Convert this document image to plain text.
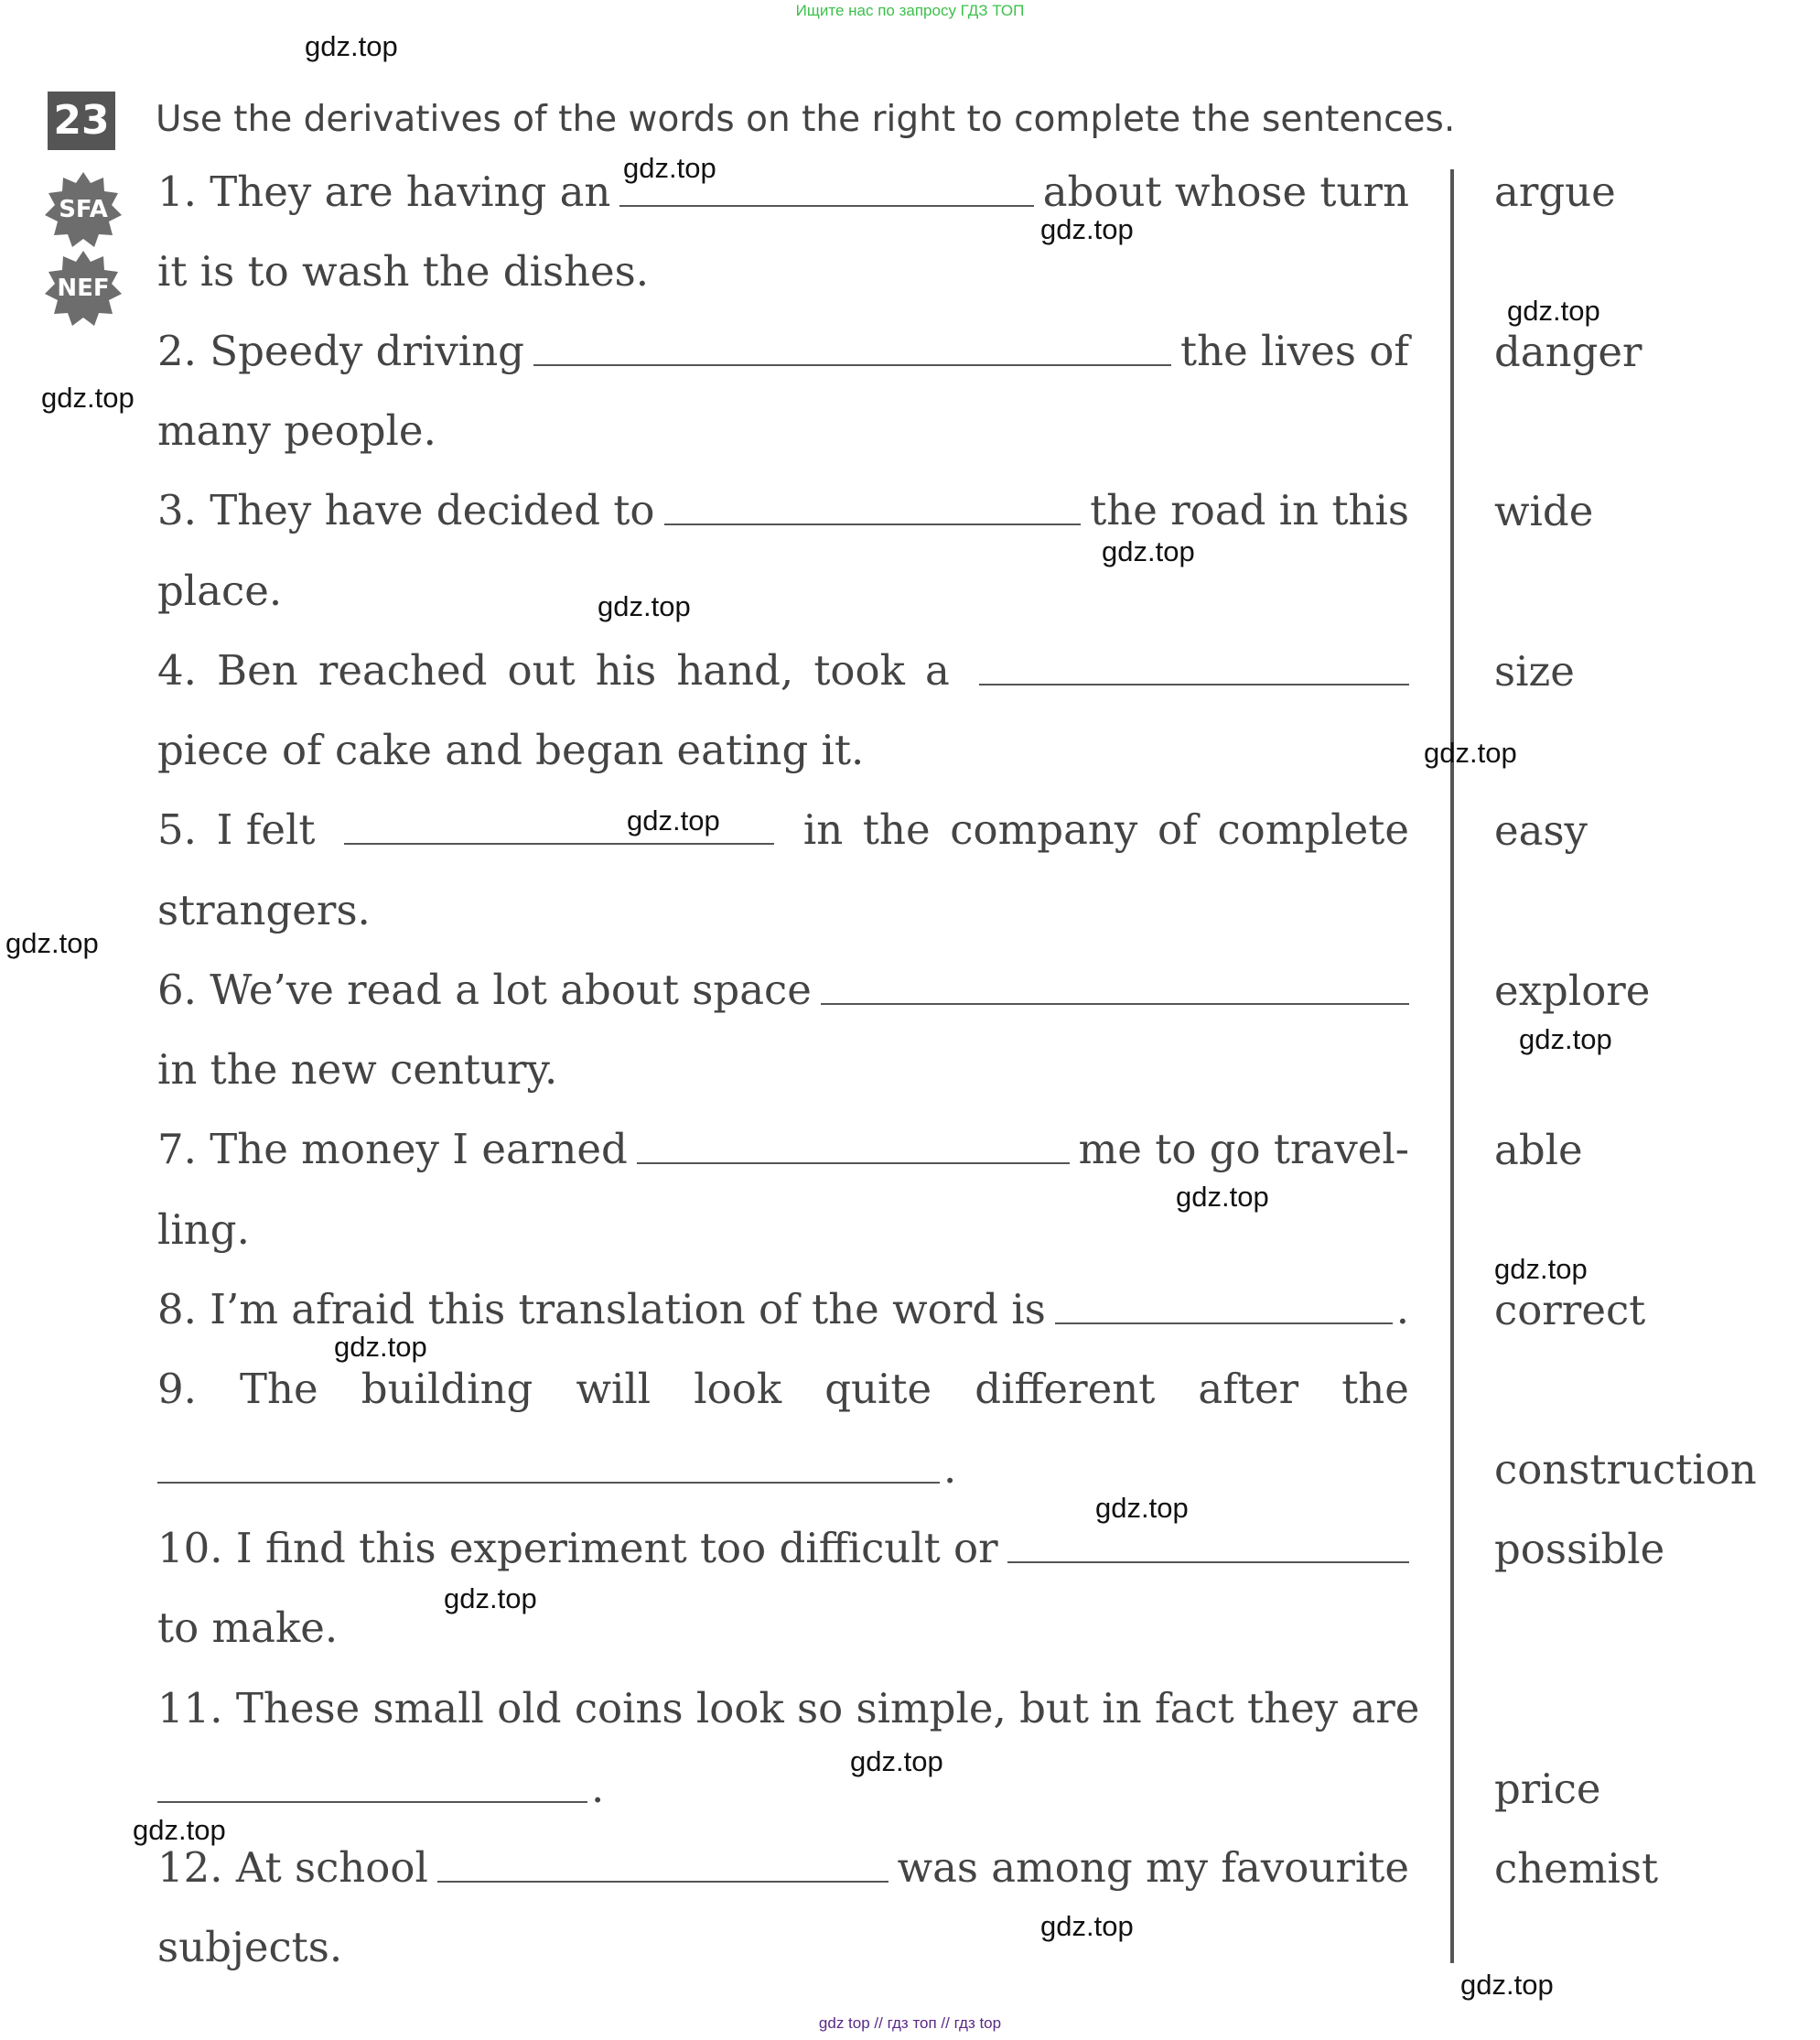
Ищите нас по запросу ГДЗ ТОП
23 Use the derivatives of the words on the right to complete the sentences.
SFA
NEF
1.
They are having an	about whose turn
it is to wash the dishes.
argue
2.
Speedy driving	the lives of
many people.
danger
3.
They have decided to	the road in this
place.
wide
4. Ben reached out his hand, took a
piece of cake and began eating it.
size
5. I felt	in the company of complete
strangers.
easy
6.
We’ve read a lot about space
in the new century.
explore
7.
The money I earned	me to go travel-
ling.
able
8.
I’m afraid this translation of the word is	. correct
9. The building will look quite different after the
.	construction
10.
I find this experiment too difficult or
to make.
possible
11.
These small old coins look so simple, but in fact they are
.	price
12.
At school	was among my favourite
subjects.
chemist
gdz.top
gdz.top
gdz.top
gdz.top
gdz.top
gdz.top
gdz.top
gdz.top
gdz.top
gdz.top
gdz.top
gdz.top
gdz.top
gdz.top
gdz.top
gdz.top
gdz.top
gdz.top
gdz.top
gdz.top
gdz top // гдз топ // гдз top
